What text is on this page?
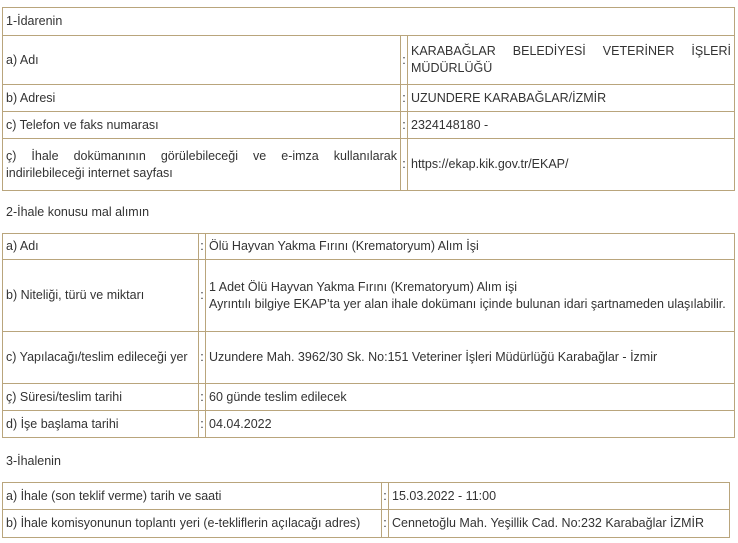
1-İdarenin		
a) Adı	:	KARABAĞLAR BELEDİYESİ VETERİNER İŞLERİ MÜDÜRLÜĞÜ
b) Adresi	:	UZUNDERE KARABAĞLAR/İZMİR
c) Telefon ve faks numarası	:	2324148180 -
ç) İhale dokümanının görülebileceği ve e-imza kullanılarak indirilebileceği internet sayfası	:	https://ekap.kik.gov.tr/EKAP/
2-İhale konusu mal alımın
a) Adı	:	Ölü Hayvan Yakma Fırını (Krematoryum) Alım İşi
b) Niteliği, türü ve miktarı	:	1 Adet Ölü Hayvan Yakma Fırını (Krematoryum) Alım işi
Ayrıntılı bilgiye EKAP’ta yer alan ihale dokümanı içinde bulunan idari şartnameden ulaşılabilir.

c) Yapılacağı/teslim edileceği yer	:	Uzundere Mah. 3962/30 Sk. No:151 Veteriner İşleri Müdürlüğü Karabağlar - İzmir
ç) Süresi/teslim tarihi	:	60 günde teslim edilecek
d) İşe başlama tarihi	:	04.04.2022
3-İhalenin
a) İhale (son teklif verme) tarih ve saati	:	15.03.2022 - 11:00
b) İhale komisyonunun toplantı yeri (e-tekliflerin açılacağı adres)	:	Cennetoğlu Mah. Yeşillik Cad. No:232 Karabağlar İZMİR
